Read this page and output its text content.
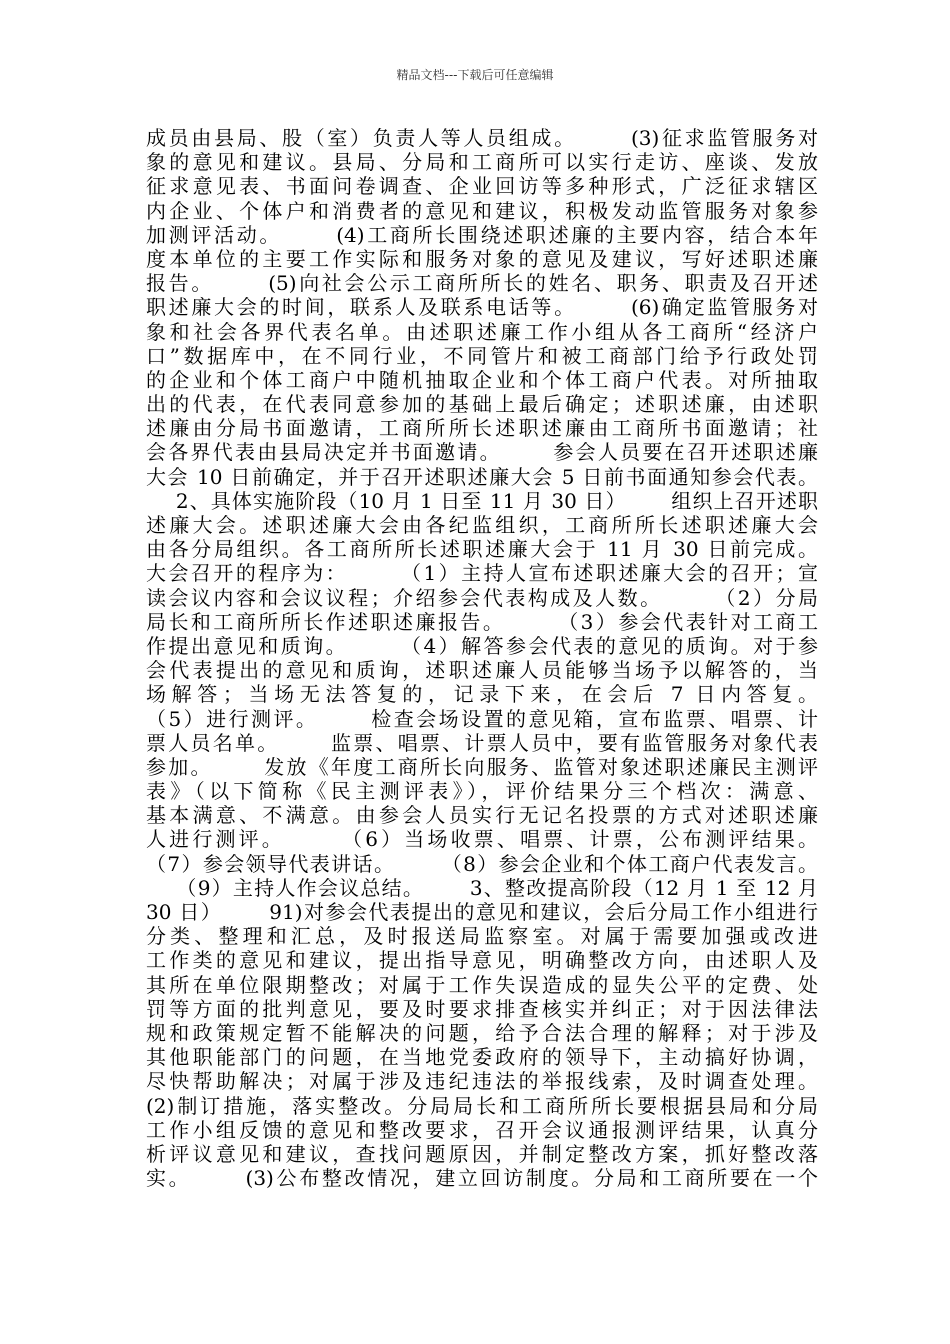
精品文档---下载后可任意编辑
成员由县局、股（室）负责人等人员组成。      (3)征求监管服务对
象的意见和建议。县局、分局和工商所可以实行走访、座谈、发放
征求意见表、书面问卷调查、企业回访等多种形式，广泛征求辖区
内企业、个体户和消费者的意见和建议，积极发动监管服务对象参
加测评活动。      (4)工商所长围绕述职述廉的主要内容，结合本年
度本单位的主要工作实际和服务对象的意见及建议，写好述职述廉
报告。      (5)向社会公示工商所所长的姓名、职务、职责及召开述
职述廉大会的时间，联系人及联系电话等。      (6)确定监管服务对
象和社会各界代表名单。由述职述廉工作小组从各工商所“经济户
口”数据库中，在不同行业，不同管片和被工商部门给予行政处罚
的企业和个体工商户中随机抽取企业和个体工商户代表。对所抽取
出的代表，在代表同意参加的基础上最后确定；述职述廉，由述职
述廉由分局书面邀请，工商所所长述职述廉由工商所书面邀请；社
会各界代表由县局决定并书面邀请。      参会人员要在召开述职述廉
大会 10 日前确定，并于召开述职述廉大会 5 日前书面通知参会代表。
2、具体实施阶段（10 月 1 日至 11 月 30 日）      组织上召开述职
述廉大会。述职述廉大会由各纪监组织，工商所所长述职述廉大会
由各分局组织。各工商所所长述职述廉大会于 11 月 30 日前完成。
大会召开的程序为：      （1）主持人宣布述职述廉大会的召开；宣
读会议内容和会议议程；介绍参会代表构成及人数。      （2）分局
局长和工商所所长作述职述廉报告。      （3）参会代表针对工商工
作提出意见和质询。      （4）解答参会代表的意见的质询。对于参
会代表提出的意见和质询，述职述廉人员能够当场予以解答的，当
场解答；当场无法答复的，记录下来，在会后 7 日内答复。
（5）进行测评。      检查会场设置的意见箱，宣布监票、唱票、计
票人员名单。      监票、唱票、计票人员中，要有监管服务对象代表
参加。      发放《年度工商所长向服务、监管对象述职述廉民主测评
表》（以下简称《民主测评表》），评价结果分三个档次：满意、
基本满意、不满意。由参会人员实行无记名投票的方式对述职述廉
人进行测评。      （6）当场收票、唱票、计票，公布测评结果。
（7）参会领导代表讲话。      （8）参会企业和个体工商户代表发言。
（9）主持人作会议总结。      3、整改提高阶段（12 月 1 至 12 月
30 日）      91)对参会代表提出的意见和建议，会后分局工作小组进行
分类、整理和汇总，及时报送局监察室。对属于需要加强或改进
工作类的意见和建议，提出指导意见，明确整改方向，由述职人及
其所在单位限期整改；对属于工作失误造成的显失公平的定费、处
罚等方面的批判意见，要及时要求排查核实并纠正；对于因法律法
规和政策规定暂不能解决的问题，给予合法合理的解释；对于涉及
其他职能部门的问题，在当地党委政府的领导下，主动搞好协调，
尽快帮助解决；对属于涉及违纪违法的举报线索，及时调查处理。
(2)制订措施，落实整改。分局局长和工商所所长要根据县局和分局
工作小组反馈的意见和整改要求，召开会议通报测评结果，认真分
析评议意见和建议，查找问题原因，并制定整改方案，抓好整改落
实。      (3)公布整改情况，建立回访制度。分局和工商所要在一个
